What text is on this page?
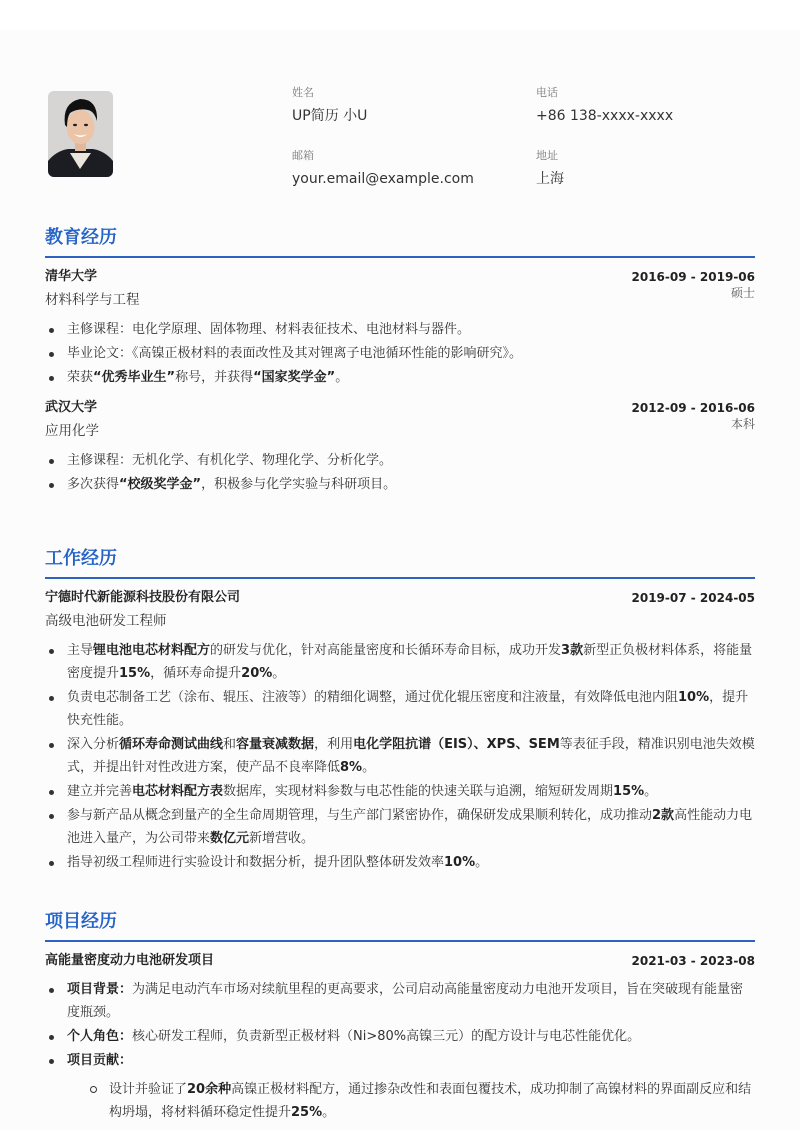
姓名
UP简历 小U
电话
+86 138-xxxx-xxxx
邮箱
your.email@example.com
地址
上海
教育经历
清华大学	2016-09 - 2019-06
材料科学与工程	硕士
主修课程：电化学原理、固体物理、材料表征技术、电池材料与器件。
毕业论文：《高镍正极材料的表面改性及其对锂离子电池循环性能的影响研究》。
荣获“优秀毕业生”称号，并获得“国家奖学金”。
武汉大学	2012-09 - 2016-06
应用化学	本科
主修课程：无机化学、有机化学、物理化学、分析化学。
多次获得“校级奖学金”，积极参与化学实验与科研项目。
工作经历
宁德时代新能源科技股份有限公司	2019-07 - 2024-05
高级电池研发工程师
主导锂电池电芯材料配方的研发与优化，针对高能量密度和长循环寿命目标，成功开发3款新型正负极材料体系，将能量密度提升15%，循环寿命提升20%。
负责电芯制备工艺（涂布、辊压、注液等）的精细化调整，通过优化辊压密度和注液量，有效降低电池内阻10%，提升快充性能。
深入分析循环寿命测试曲线和容量衰减数据，利用电化学阻抗谱（EIS）、XPS、SEM等表征手段，精准识别电池失效模式，并提出针对性改进方案，使产品不良率降低8%。
建立并完善电芯材料配方表数据库，实现材料参数与电芯性能的快速关联与追溯，缩短研发周期15%。
参与新产品从概念到量产的全生命周期管理，与生产部门紧密协作，确保研发成果顺利转化，成功推动2款高性能动力电池进入量产，为公司带来数亿元新增营收。
指导初级工程师进行实验设计和数据分析，提升团队整体研发效率10%。
项目经历
高能量密度动力电池研发项目	2021-03 - 2023-08
项目背景：为满足电动汽车市场对续航里程的更高要求，公司启动高能量密度动力电池开发项目，旨在突破现有能量密度瓶颈。
个人角色：核心研发工程师，负责新型正极材料（Ni>80%高镍三元）的配方设计与电芯性能优化。
项目贡献：
设计并验证了20余种高镍正极材料配方，通过掺杂改性和表面包覆技术，成功抑制了高镍材料的界面副反应和结构坍塌，将材料循环稳定性提升25%。
